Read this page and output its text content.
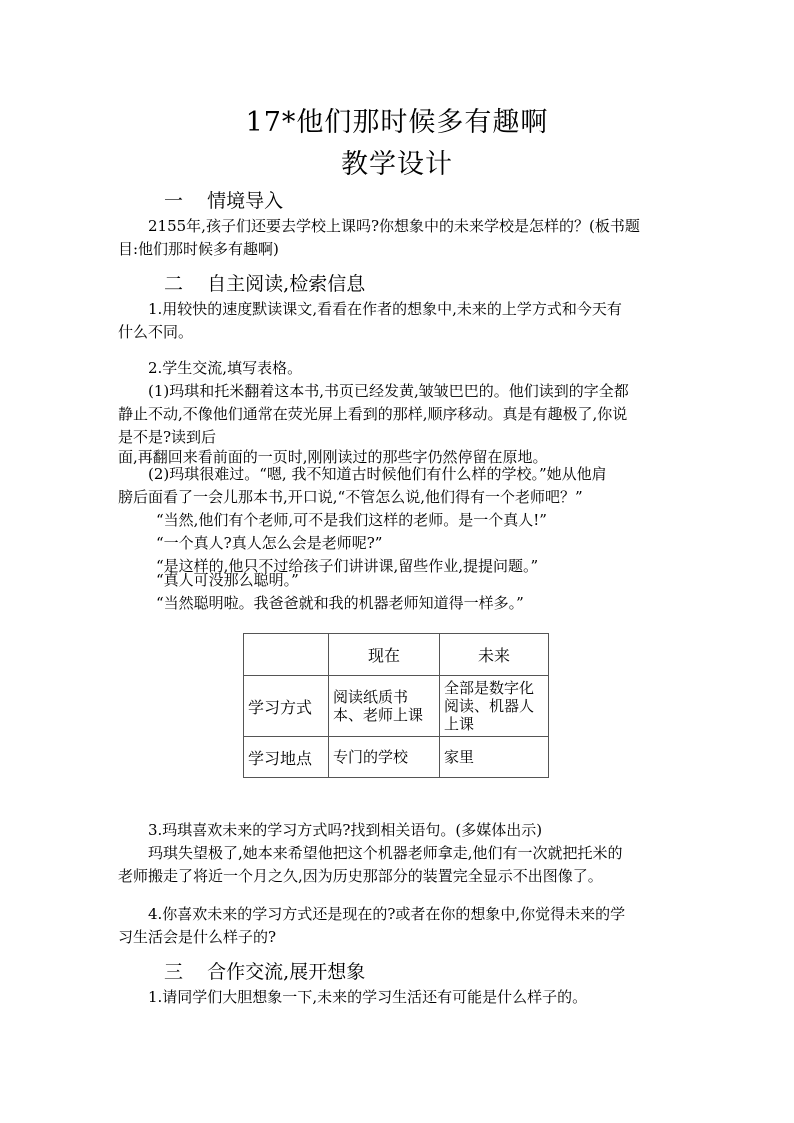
17*他们那时候多有趣啊
教学设计
一    情境导入
2155年,孩子们还要去学校上课吗?你想象中的未来学校是怎样的？(板书题
目:他们那时候多有趣啊)
二    自主阅读,检索信息
1.用较快的速度默读课文,看看在作者的想象中,未来的上学方式和今天有
什么不同。
2.学生交流,填写表格。
(1)玛琪和托米翻着这本书,书页已经发黄,皱皱巴巴的。他们读到的字全都
静止不动,不像他们通常在荧光屏上看到的那样,顺序移动。真是有趣极了,你说
是不是?读到后
面,再翻回来看前面的一页时,刚刚读过的那些字仍然停留在原地。
(2)玛琪很难过。“嗯, 我不知道古时候他们有什么样的学校。”她从他肩
膀后面看了一会儿那本书,开口说,“不管怎么说,他们得有一个老师吧？”
“当然,他们有个老师,可不是我们这样的老师。是一个真人!”
“一个真人?真人怎么会是老师呢?”
“是这样的,他只不过给孩子们讲讲课,留些作业,提提问题。”
“真人可没那么聪明。”
“当然聪明啦。我爸爸就和我的机器老师知道得一样多。”
	现在	未来
学习方式	阅读纸质书本、老师上课	全部是数字化阅读、机器人上课
学习地点	专门的学校	家里
3.玛琪喜欢未来的学习方式吗?找到相关语句。(多媒体出示)
玛琪失望极了,她本来希望他把这个机器老师拿走,他们有一次就把托米的
老师搬走了将近一个月之久,因为历史那部分的装置完全显示不出图像了。
4.你喜欢未来的学习方式还是现在的?或者在你的想象中,你觉得未来的学
习生活会是什么样子的?
三    合作交流,展开想象
1.请同学们大胆想象一下,未来的学习生活还有可能是什么样子的。
